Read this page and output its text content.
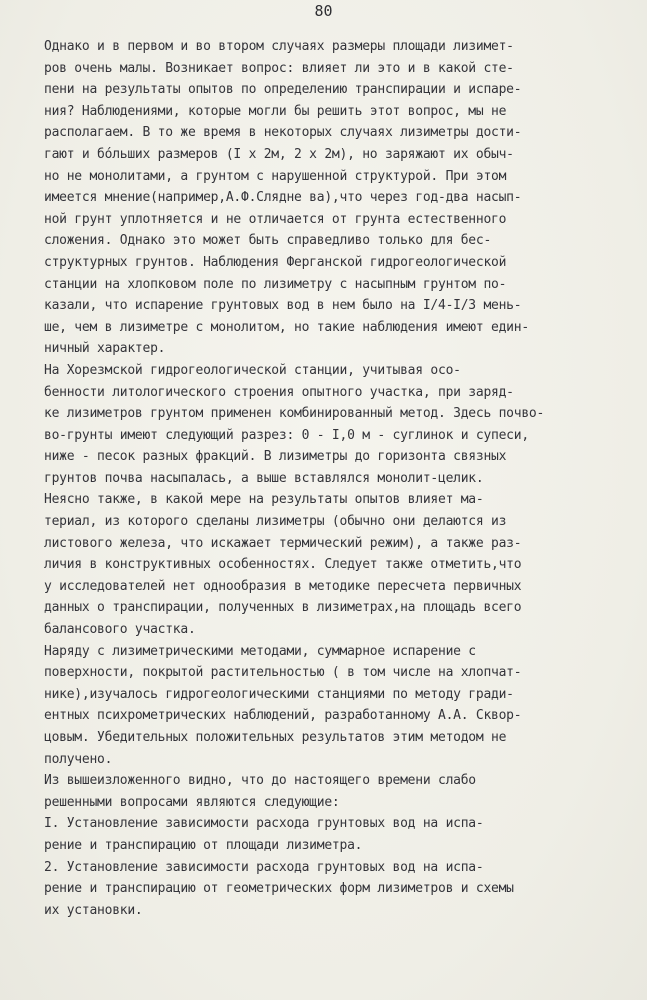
80
Однако и в первом и во втором случаях размеры площади лизимет-
ров очень малы. Возникает вопрос: влияет ли это и в какой сте-
пени на результаты опытов по определению транспирации и испаре-
ния? Наблюдениями, которые могли бы решить этот вопрос, мы не
располагаем. В то же время в некоторых случаях лизиметры дости-
гают и бо́льших размеров (I х 2м, 2 х 2м), но заряжают их обыч-
но не монолитами, а грунтом с нарушенной структурой. При этом
имеется мнение(например,А.Ф.Слядне ва),что через год-два насып-
ной грунт уплотняется и не отличается от грунта естественного
сложения. Однако это может быть справедливо только для бес-
структурных грунтов. Наблюдения Ферганской гидрогеологической
станции на хлопковом поле по лизиметру с насыпным грунтом по-
казали, что испарение грунтовых вод в нем было на I/4-I/3 мень-
ше, чем в лизиметре с монолитом, но такие наблюдения имеют един-
ничный характер.
На Хорезмской гидрогеологической станции, учитывая осо-
бенности литологического строения опытного участка, при заряд-
ке лизиметров грунтом применен комбинированный метод. Здесь почво-
во-грунты имеют следующий разрез: 0 - I,0 м - суглинок и супеси,
ниже - песок разных фракций. В лизиметры до горизонта связных
грунтов почва насыпалась, а выше вставлялся монолит-целик.
Неясно также, в какой мере на результаты опытов влияет ма-
териал, из которого сделаны лизиметры (обычно они делаются из
листового железа, что искажает термический режим), а также раз-
личия в конструктивных особенностях. Следует также отметить,что
у исследователей нет однообразия в методике пересчета первичных
данных о транспирации, полученных в лизиметрах,на площадь всего
балансового участка.
Наряду с лизиметрическими методами, суммарное испарение с
поверхности, покрытой растительностью ( в том числе на хлопчат-
нике),изучалось гидрогеологическими станциями по методу гради-
ентных психрометрических наблюдений, разработанному А.А. Сквор-
цовым. Убедительных положительных результатов этим методом не
получено.
Из вышеизложенного видно, что до настоящего времени слабо
решенными вопросами являются следующие:
I. Установление зависимости расхода грунтовых вод на испа-
рение и транспирацию от площади лизиметра.
2. Установление зависимости расхода грунтовых вод на испа-
рение и транспирацию от геометрических форм лизиметров и схемы
их установки.
